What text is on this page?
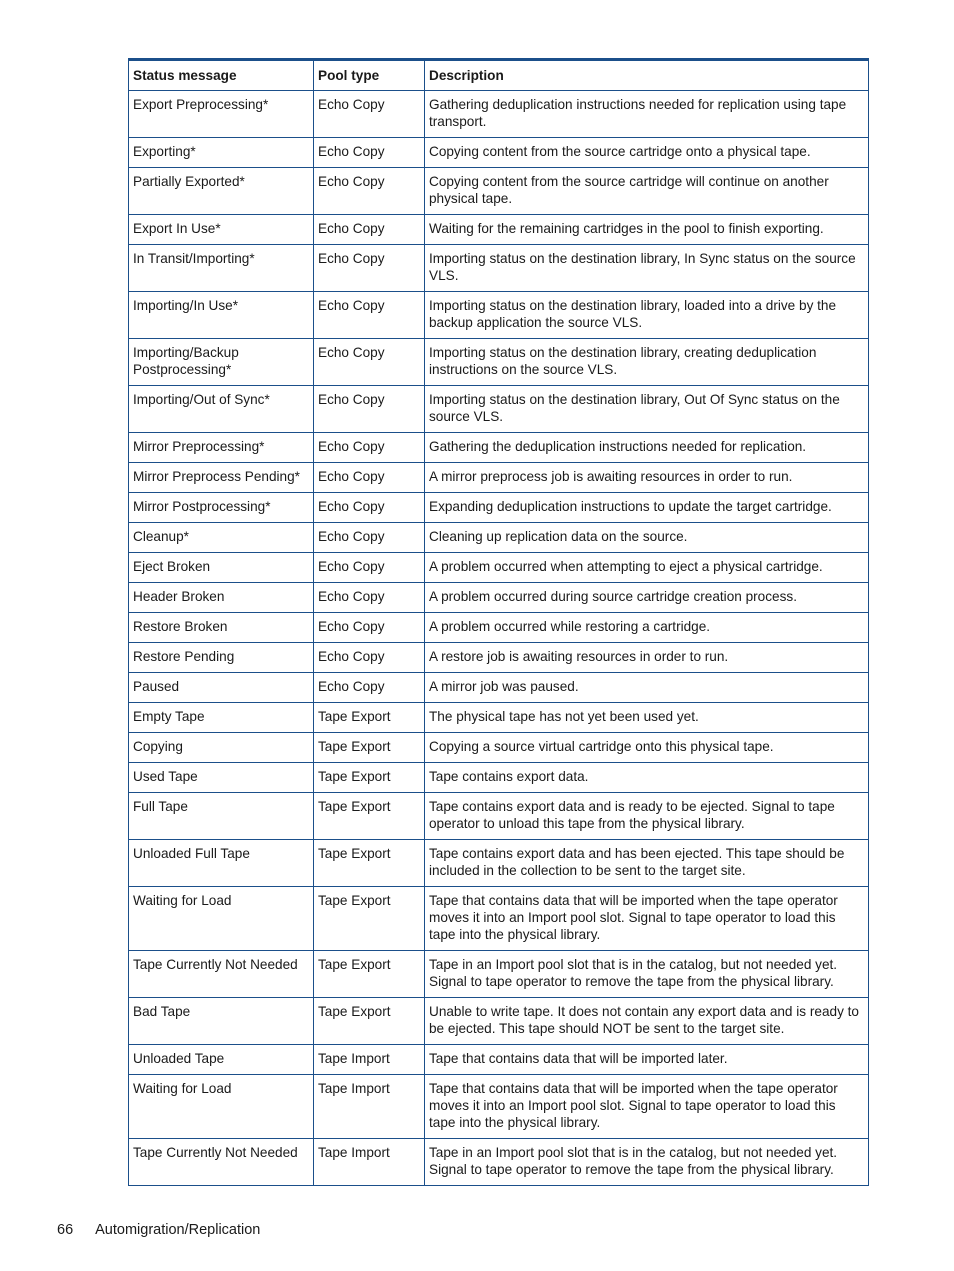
Status message	Pool type	Description
Export Preprocessing*	Echo Copy	Gathering deduplication instructions needed for replication using tape transport.
Exporting*	Echo Copy	Copying content from the source cartridge onto a physical tape.
Partially Exported*	Echo Copy	Copying content from the source cartridge will continue on another physical tape.
Export In Use*	Echo Copy	Waiting for the remaining cartridges in the pool to finish exporting.
In Transit/Importing*	Echo Copy	Importing status on the destination library, In Sync status on the source VLS.
Importing/In Use*	Echo Copy	Importing status on the destination library, loaded into a drive by the backup application the source VLS.
Importing/Backup Postprocessing*	Echo Copy	Importing status on the destination library, creating deduplication instructions on the source VLS.
Importing/Out of Sync*	Echo Copy	Importing status on the destination library, Out Of Sync status on the source VLS.
Mirror Preprocessing*	Echo Copy	Gathering the deduplication instructions needed for replication.
Mirror Preprocess Pending*	Echo Copy	A mirror preprocess job is awaiting resources in order to run.
Mirror Postprocessing*	Echo Copy	Expanding deduplication instructions to update the target cartridge.
Cleanup*	Echo Copy	Cleaning up replication data on the source.
Eject Broken	Echo Copy	A problem occurred when attempting to eject a physical cartridge.
Header Broken	Echo Copy	A problem occurred during source cartridge creation process.
Restore Broken	Echo Copy	A problem occurred while restoring a cartridge.
Restore Pending	Echo Copy	A restore job is awaiting resources in order to run.
Paused	Echo Copy	A mirror job was paused.
Empty Tape	Tape Export	The physical tape has not yet been used yet.
Copying	Tape Export	Copying a source virtual cartridge onto this physical tape.
Used Tape	Tape Export	Tape contains export data.
Full Tape	Tape Export	Tape contains export data and is ready to be ejected. Signal to tape operator to unload this tape from the physical library.
Unloaded Full Tape	Tape Export	Tape contains export data and has been ejected. This tape should be included in the collection to be sent to the target site.
Waiting for Load	Tape Export	Tape that contains data that will be imported when the tape operator moves it into an Import pool slot. Signal to tape operator to load this tape into the physical library.
Tape Currently Not Needed	Tape Export	Tape in an Import pool slot that is in the catalog, but not needed yet. Signal to tape operator to remove the tape from the physical library.
Bad Tape	Tape Export	Unable to write tape. It does not contain any export data and is ready to be ejected. This tape should NOT be sent to the target site.
Unloaded Tape	Tape Import	Tape that contains data that will be imported later.
Waiting for Load	Tape Import	Tape that contains data that will be imported when the tape operator moves it into an Import pool slot. Signal to tape operator to load this tape into the physical library.
Tape Currently Not Needed	Tape Import	Tape in an Import pool slot that is in the catalog, but not needed yet. Signal to tape operator to remove the tape from the physical library.
66 Automigration/Replication
